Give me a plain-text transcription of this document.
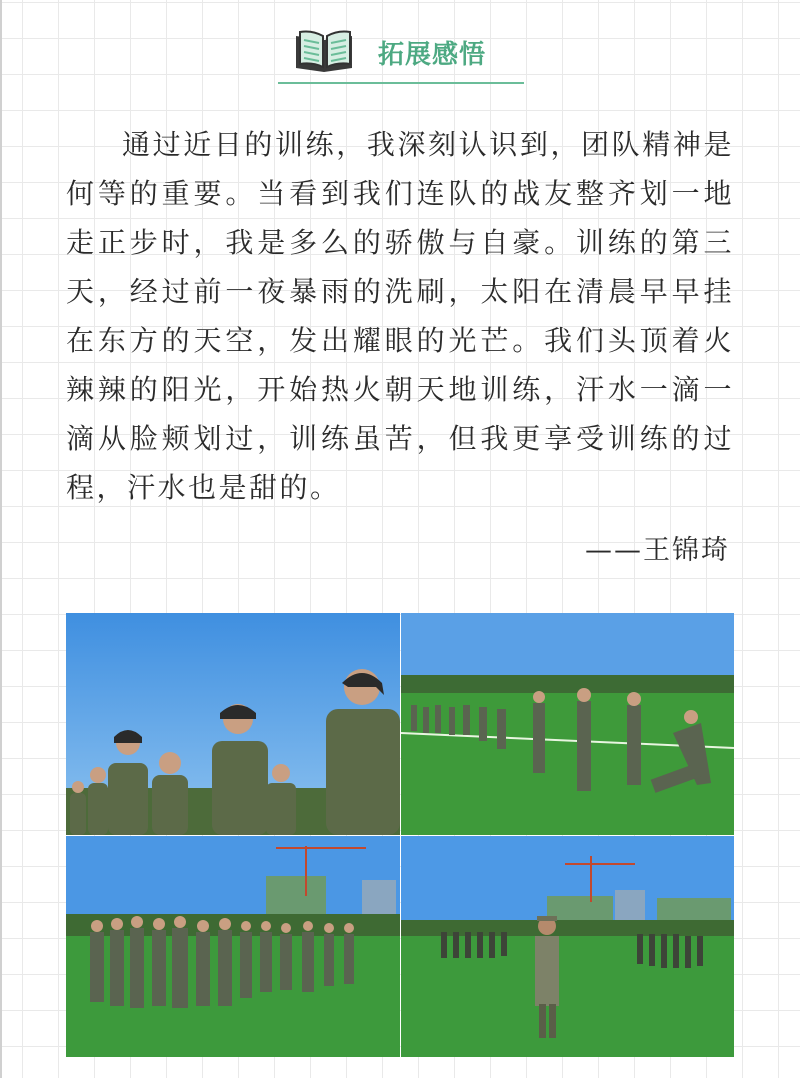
拓展感悟

通过近日的训练，我深刻认识到，团队精神是何等的重要。当看到我们连队的战友整齐划一地走正步时，我是多么的骄傲与自豪。训练的第三天，经过前一夜暴雨的洗刷，太阳在清晨早早挂在东方的天空，发出耀眼的光芒。我们头顶着火辣辣的阳光，开始热火朝天地训练，汗水一滴一滴从脸颊划过，训练虽苦，但我更享受训练的过程，汗水也是甜的。

——王锦琦
